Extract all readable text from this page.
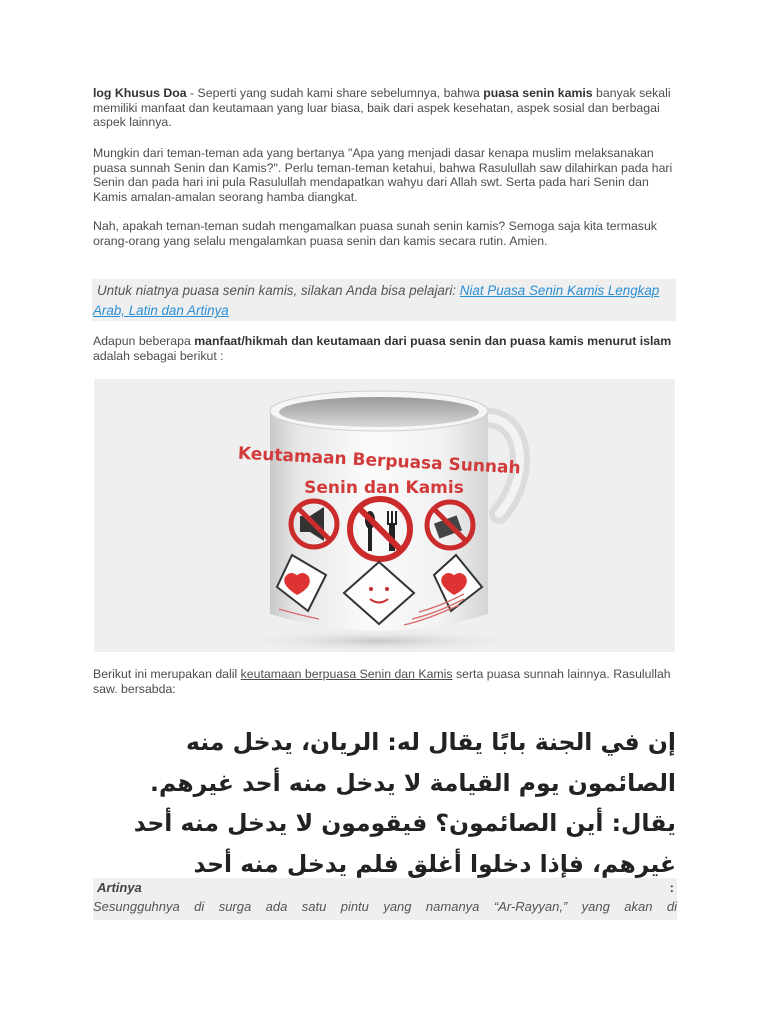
log Khusus Doa - Seperti yang sudah kami share sebelumnya, bahwa puasa senin kamis banyak sekali memiliki manfaat dan keutamaan yang luar biasa, baik dari aspek kesehatan, aspek sosial dan berbagai aspek lainnya.

Mungkin dari teman-teman ada yang bertanya "Apa yang menjadi dasar kenapa muslim melaksanakan puasa sunnah Senin dan Kamis?". Perlu teman-teman ketahui, bahwa Rasulullah saw dilahirkan pada hari Senin dan pada hari ini pula Rasulullah mendapatkan wahyu dari Allah swt. Serta pada hari Senin dan Kamis amalan-amalan seorang hamba diangkat.

Nah, apakah teman-teman sudah mengamalkan puasa sunah senin kamis? Semoga saja kita termasuk orang-orang yang selalu mengalamkan puasa senin dan kamis secara rutin. Amien.

Untuk niatnya puasa senin kamis, silakan Anda bisa pelajari: Niat Puasa Senin Kamis Lengkap Arab, Latin dan Artinya

Adapun beberapa manfaat/hikmah dan keutamaan dari puasa senin dan puasa kamis menurut islam adalah sebagai berikut :

Keutamaan Berpuasa Sunnah
Senin dan Kamis

Berikut ini merupakan dalil keutamaan berpuasa Senin dan Kamis serta puasa sunnah lainnya. Rasulullah saw. bersabda:

إن في الجنة بابًا يقال له: الريان، يدخل منه
الصائمون يوم القيامة لا يدخل منه أحد غيرهم.
يقال: أين الصائمون؟ فيقومون لا يدخل منه أحد
غيرهم، فإذا دخلوا أغلق فلم يدخل منه أحد
Artinya	:
Sesungguhnya di surga ada satu pintu yang namanya “Ar-Rayyan,” yang akan di
